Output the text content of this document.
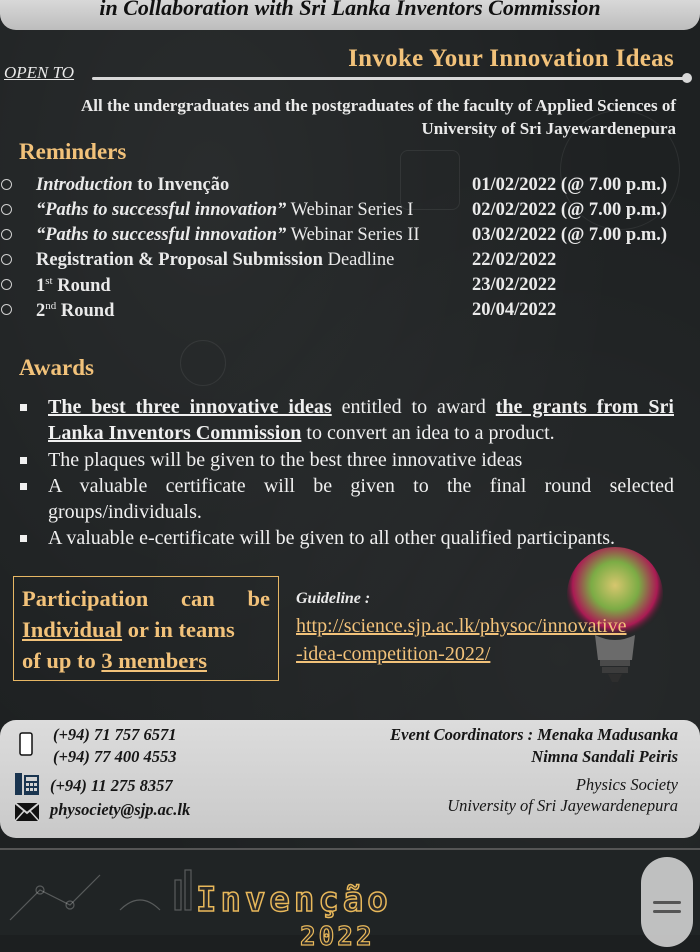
in Collaboration with Sri Lanka Inventors Commission
Invoke Your Innovation Ideas
OPEN TO
All the undergraduates and the postgraduates of the faculty of Applied Sciences of
University of Sri Jayewardenepura
Reminders
Introduction to Invenção	01/02/2022 (@ 7.00 p.m.)
“Paths to successful innovation” Webinar Series I	02/02/2022 (@ 7.00 p.m.)
“Paths to successful innovation” Webinar Series II	03/02/2022 (@ 7.00 p.m.)
Registration & Proposal Submission Deadline	22/02/2022
1st Round	23/02/2022
2nd Round	20/04/2022
Awards
The best three innovative ideas entitled to award the grants from Sri Lanka Inventors Commission to convert an idea to a product.
The plaques will be given to the best three innovative ideas
A valuable certificate will be given to the final round selected groups/individuals.
A valuable e-certificate will be given to all other qualified participants.
Participation can be
Individual or in teams
of up to 3 members
Guideline :
http://science.sjp.ac.lk/physoc/innovative
-idea-competition-2022/
(+94) 71 757 6571
(+94) 77 400 4553
(+94) 11 275 8357
physociety@sjp.ac.lk
Event Coordinators : Menaka Madusanka
Nimna Sandali Peiris
Physics Society
University of Sri Jayewardenepura
Invenção
2022
